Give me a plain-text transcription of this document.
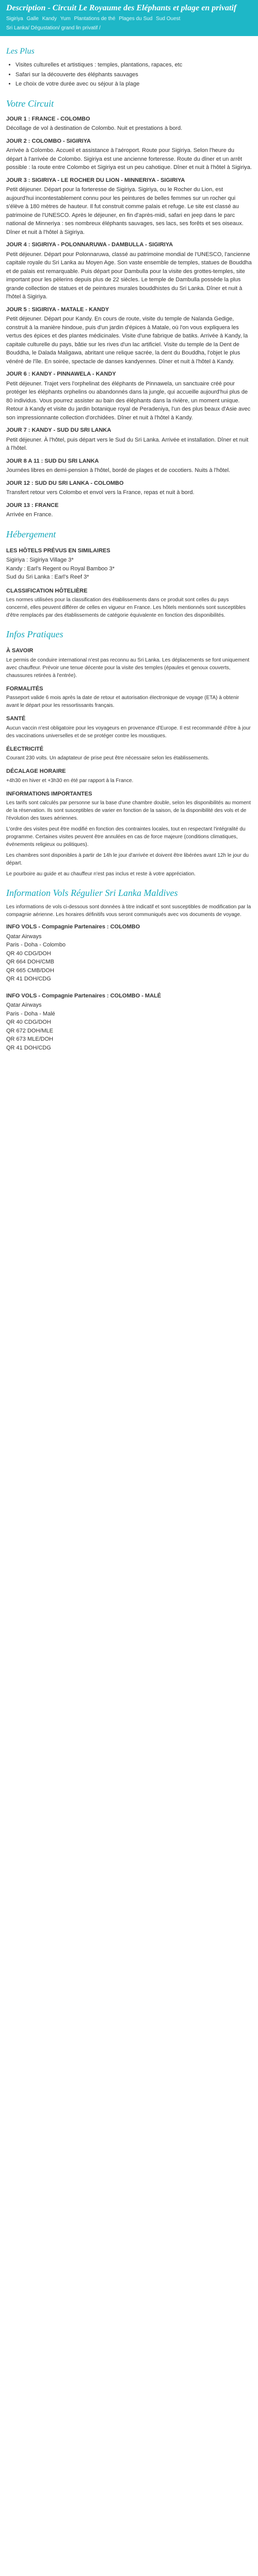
Description - Circuit Le Royaume des Eléphants et plage en privatif
Sigiriya Galle Kandy Yum Plantations de thé Plages du Sud Sud Ouest
Sri Lanka/ Dégustation/ grand lin privatif /
Les Plus
• Visites culturelles et artistiques : temples, plantations, rapaces, etc
• Safari sur la découverte des éléphants sauvages
• Le choix de votre durée avec ou séjour à la plage
Votre Circuit
JOUR 1 : FRANCE - COLOMBO
Décollage de vol à destination de Colombo. Nuit et prestations à bord.
JOUR 2 : COLOMBO - SIGIRIYA
Arrivée à Colombo. Accueil et assistance à l'aéroport. Route pour Sigiriya. Selon l'heure du départ à l'arrivée de Colombo. Sigiriya est une ancienne forteresse. Route du dîner et un arrêt possible : la route entre Colombo et Sigiriya est un peu cahotique. Dîner et nuit à l'hôtel à Sigiriya.
JOUR 3 : SIGIRIYA - LE ROCHER DU LION - MINNERIYA - SIGIRIYA
Petit déjeuner. Départ pour la forteresse de Sigiriya. Sigiriya, ou le Rocher du Lion, est aujourd'hui incontestablement connu pour les peintures de belles femmes sur un rocher qui s'élève à 180 mètres de hauteur. Il fut construit comme palais et refuge. Le site est classé au patrimoine de l'UNESCO. Après le déjeuner, en fin d'après-midi, safari en jeep dans le parc national de Minneriya : ses nombreux éléphants sauvages, ses lacs, ses forêts et ses oiseaux. Dîner et nuit à l'hôtel à Sigiriya.
JOUR 4 : SIGIRIYA - POLONNARUWA - DAMBULLA - SIGIRIYA
Petit déjeuner. Départ pour Polonnaruwa, classé au patrimoine mondial de l'UNESCO, l'ancienne capitale royale du Sri Lanka au Moyen Age. Son vaste ensemble de temples, statues de Bouddha et de palais est remarquable. Puis départ pour Dambulla pour la visite des grottes-temples, site important pour les pèlerins depuis plus de 22 siècles. Le temple de Dambulla possède la plus grande collection de statues et de peintures murales bouddhistes du Sri Lanka. Dîner et nuit à l'hôtel à Sigiriya.
JOUR 5 : SIGIRIYA - MATALE - KANDY
Petit déjeuner. Départ pour Kandy. En cours de route, visite du temple de Nalanda Gedige, construit à la manière hindoue, puis d'un jardin d'épices à Matale, où l'on vous expliquera les vertus des épices et des plantes médicinales. Visite d'une fabrique de batiks. Arrivée à Kandy, la capitale culturelle du pays, bâtie sur les rives d'un lac artificiel. Visite du temple de la Dent de Bouddha, le Dalada Maligawa, abritant une relique sacrée, la dent du Bouddha, l'objet le plus vénéré de l'île. En soirée, spectacle de danses kandyennes. Dîner et nuit à l'hôtel à Kandy.
JOUR 6 : KANDY - PINNAWELA - KANDY
Petit déjeuner. Trajet vers l'orphelinat des éléphants de Pinnawela, un sanctuaire créé pour protéger les éléphants orphelins ou abandonnés dans la jungle, qui accueille aujourd'hui plus de 80 individus. Vous pourrez assister au bain des éléphants dans la rivière, un moment unique. Retour à Kandy et visite du jardin botanique royal de Peradeniya, l'un des plus beaux d'Asie avec son impressionnante collection d'orchidées. Dîner et nuit à l'hôtel à Kandy.
JOUR 7 : KANDY - SUD DU SRI LANKA
Petit déjeuner. À l'hôtel, puis départ vers le Sud du Sri Lanka. Arrivée et installation. Dîner et nuit à l'hôtel.
JOUR 8 A 11 : SUD DU SRI LANKA
Journées libres en demi-pension à l'hôtel, bordé de plages et de cocotiers. Nuits à l'hôtel.
JOUR 12 : SUD DU SRI LANKA - COLOMBO
Transfert retour vers Colombo et envol vers la France, repas et nuit à bord.
JOUR 13 : FRANCE
Arrivée en France.
Hébergement
LES HÔTELS PRÉVUS EN SIMILAIRES
Sigiriya : Sigiriya Village 3*
Kandy : Earl's Regent ou Royal Bamboo 3*
Sud du Sri Lanka : Earl's Reef 3*
CLASSIFICATION HÔTELIÈRE
Les normes utilisées pour la classification des établissements dans ce produit sont celles du pays concerné, elles peuvent différer de celles en vigueur en France. Les hôtels mentionnés sont susceptibles d'être remplacés par des établissements de catégorie équivalente en fonction des disponibilités.
Infos Pratiques
À SAVOIR
Le permis de conduire international n'est pas reconnu au Sri Lanka. Les déplacements se font uniquement avec chauffeur. Prévoir une tenue décente pour la visite des temples (épaules et genoux couverts, chaussures retirées à l'entrée).
FORMALITÉS
Passeport valide 6 mois après la date de retour et autorisation électronique de voyage (ETA) à obtenir avant le départ pour les ressortissants français.
SANTÉ
Aucun vaccin n'est obligatoire pour les voyageurs en provenance d'Europe. Il est recommandé d'être à jour des vaccinations universelles et de se protéger contre les moustiques.
ÉLECTRICITÉ
Courant 230 volts. Un adaptateur de prise peut être nécessaire selon les établissements.
DÉCALAGE HORAIRE
+4h30 en hiver et +3h30 en été par rapport à la France.
INFORMATIONS IMPORTANTES
Les tarifs sont calculés par personne sur la base d'une chambre double, selon les disponibilités au moment de la réservation. Ils sont susceptibles de varier en fonction de la saison, de la disponibilité des vols et de l'évolution des taxes aériennes.
L'ordre des visites peut être modifié en fonction des contraintes locales, tout en respectant l'intégralité du programme. Certaines visites peuvent être annulées en cas de force majeure (conditions climatiques, événements religieux ou politiques).
Les chambres sont disponibles à partir de 14h le jour d'arrivée et doivent être libérées avant 12h le jour du départ.
Le pourboire au guide et au chauffeur n'est pas inclus et reste à votre appréciation.
Information Vols Régulier Sri Lanka Maldives
Les informations de vols ci-dessous sont données à titre indicatif et sont susceptibles de modification par la compagnie aérienne. Les horaires définitifs vous seront communiqués avec vos documents de voyage.
INFO VOLS - Compagnie Partenaires : COLOMBO
Qatar Airways
Paris - Doha - Colombo
QR 40 CDG/DOH
QR 664 DOH/CMB
QR 665 CMB/DOH
QR 41 DOH/CDG
INFO VOLS - Compagnie Partenaires : COLOMBO - MALÉ
Qatar Airways
Paris - Doha - Malé
QR 40 CDG/DOH
QR 672 DOH/MLE
QR 673 MLE/DOH
QR 41 DOH/CDG
